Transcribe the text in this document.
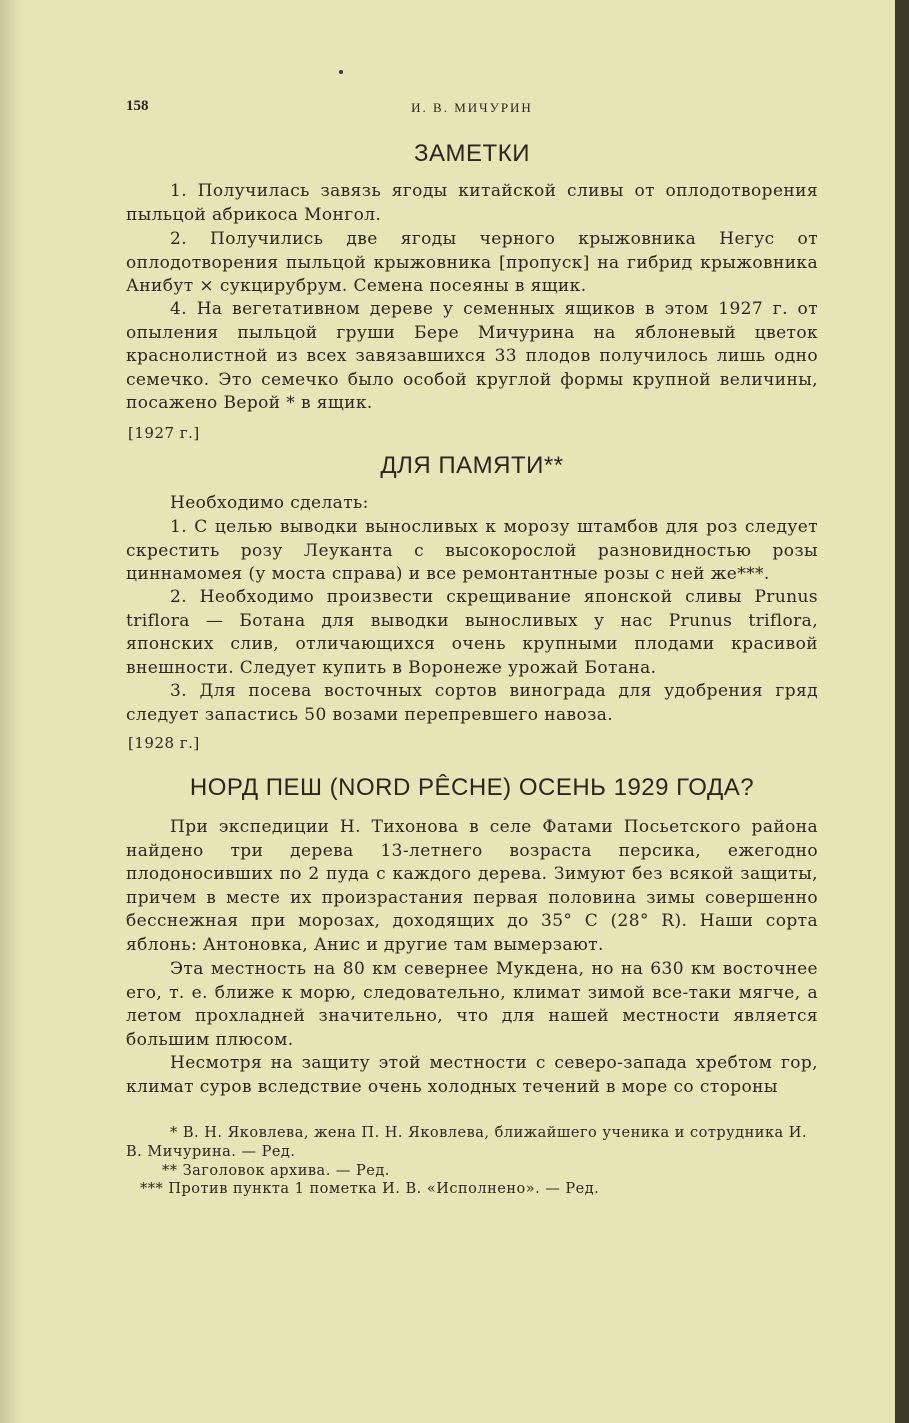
158	И. В. МИЧУРИН
ЗАМЕТКИ

1. Получилась завязь ягоды китайской сливы от оплодотворения пыльцой абрикоса Монгол.

2. Получились две ягоды черного крыжовника Негус от оплодотворения пыльцой крыжовника [пропуск] на гибрид крыжовника Анибут × сукцирубрум. Семена посеяны в ящик.

4. На вегетативном дереве у семенных ящиков в этом 1927 г. от опыления пыльцой груши Бере Мичурина на яблоневый цветок краснолистной из всех завязавшихся 33 плодов получилось лишь одно семечко. Это семечко было особой круглой формы крупной величины, посажено Верой * в ящик.

[1927 г.]
ДЛЯ ПАМЯТИ**

Необходимо сделать:

1. С целью выводки выносливых к морозу штамбов для роз следует скрестить розу Леуканта с высокорослой разновидностью розы циннамомея (у моста справа) и все ремонтантные розы с ней же***.

2. Необходимо произвести скрещивание японской сливы Prunus triflora — Ботана для выводки выносливых у нас Prunus triflora, японских слив, отличающихся очень крупными плодами красивой внешности. Следует купить в Воронеже урожай Ботана.

3. Для посева восточных сортов винограда для удобрения гряд следует запастись 50 возами перепревшего навоза.

[1928 г.]
НОРД ПЕШ (NORD PÊCHE) ОСЕНЬ 1929 ГОДА?

При экспедиции Н. Тихонова в селе Фатами Посьетского района найдено три дерева 13-летнего возраста персика, ежегодно плодоносивших по 2 пуда с каждого дерева. Зимуют без всякой защиты, причем в месте их произрастания первая половина зимы совершенно бесснежная при морозах, доходящих до 35° С (28° R). Наши сорта яблонь: Антоновка, Анис и другие там вымерзают.

Эта местность на 80 км севернее Мукдена, но на 630 км восточнее его, т. е. ближе к морю, следовательно, климат зимой все-таки мягче, а летом прохладней значительно, что для нашей местности является большим плюсом.

Несмотря на защиту этой местности с северо-запада хребтом гор, климат суров вследствие очень холодных течений в море со стороны

* В. Н. Яковлева, жена П. Н. Яковлева, ближайшего ученика и сотрудника И. В. Мичурина. — Ред.

** Заголовок архива. — Ред.

*** Против пункта 1 пометка И. В. «Исполнено». — Ред.
